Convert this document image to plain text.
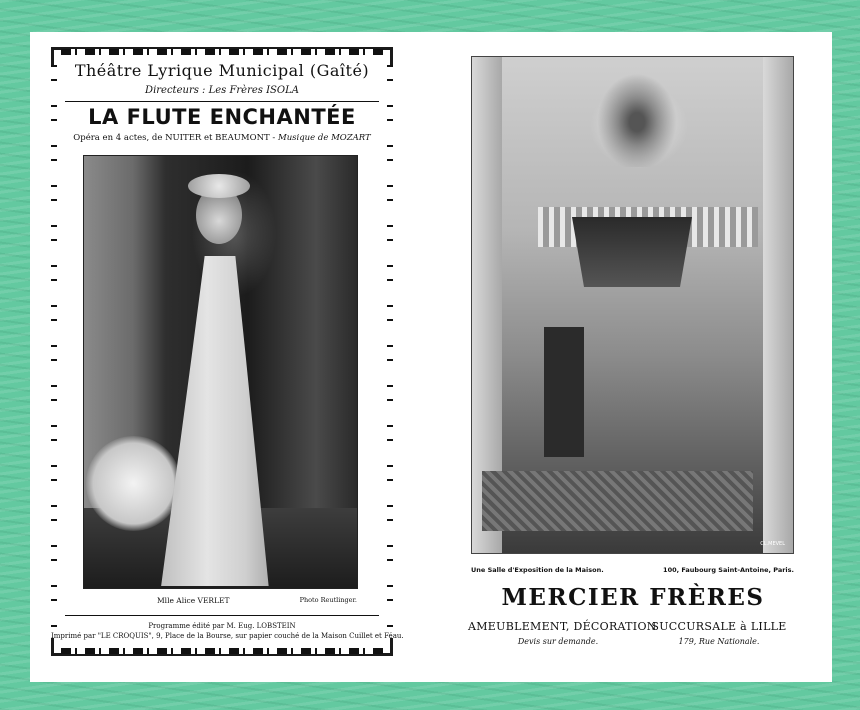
Théâtre Lyrique Municipal (Gaîté)
Directeurs : Les Frères ISOLA
LA FLUTE ENCHANTÉE
Opéra en 4 actes, de NUITER et BEAUMONT - Musique de MOZART
Mlle Alice VERLET	Photo Reutlinger.
Programme édité par M. Eug. LOBSTEIN
Imprimé par "LE CROQUIS", 9, Place de la Bourse, sur papier couché de la Maison Cuillet et Féau.
CL.MEVEL
Une Salle d'Exposition de la Maison.	100, Faubourg Saint-Antoine, Paris.
MERCIER FRÈRES
AMEUBLEMENT, DÉCORATION
Devis sur demande.
SUCCURSALE à LILLE
179, Rue Nationale.
